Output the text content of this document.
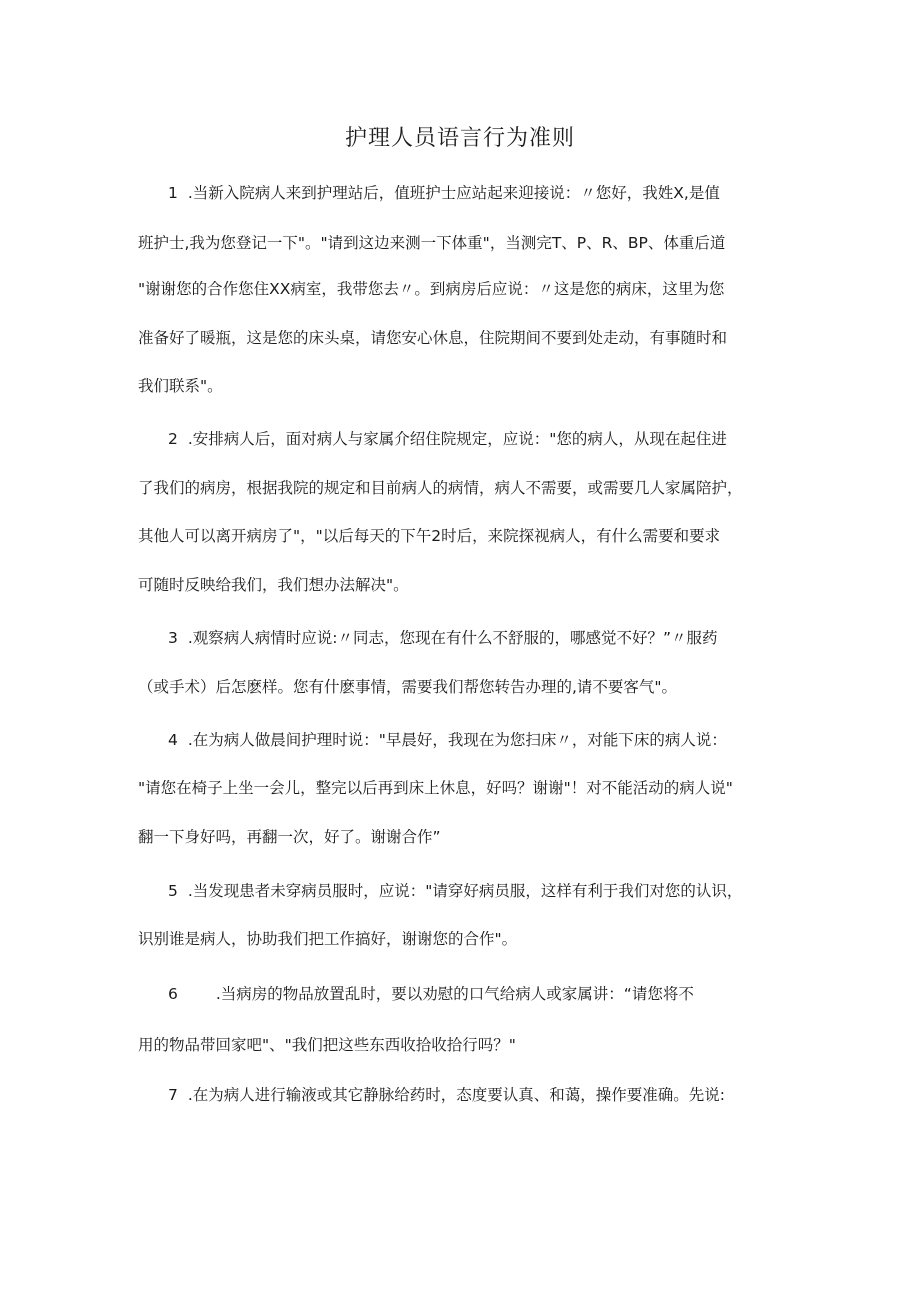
护理人员语言行为准则

1 .当新入院病人来到护理站后，值班护士应站起来迎接说：〃您好，我姓X,是值

班护士,我为您登记一下"。"请到这边来测一下体重"，当测完T、P、R、BP、体重后道

"谢谢您的合作您住XX病室，我带您去〃。到病房后应说：〃这是您的病床，这里为您

准备好了暖瓶，这是您的床头桌，请您安心休息，住院期间不要到处走动，有事随时和

我们联系"。

2 .安排病人后，面对病人与家属介绍住院规定，应说："您的病人，从现在起住进

了我们的病房，根据我院的规定和目前病人的病情，病人不需要，或需要几人家属陪护，

其他人可以离开病房了"，"以后每天的下午2时后，来院探视病人，有什么需要和要求

可随时反映给我们，我们想办法解决"。

3 .观察病人病情时应说:〃同志，您现在有什么不舒服的，哪感觉不好？”〃服药

（或手术）后怎麽样。您有什麽事情，需要我们帮您转告办理的,请不要客气"。

4 .在为病人做晨间护理时说："早晨好，我现在为您扫床〃，对能下床的病人说：

"请您在椅子上坐一会儿，整完以后再到床上休息，好吗？谢谢"！对不能活动的病人说"

翻一下身好吗，再翻一次，好了。谢谢合作”

5 .当发现患者未穿病员服时，应说："请穿好病员服，这样有利于我们对您的认识，

识别谁是病人，协助我们把工作搞好，谢谢您的合作"。

6 .当病房的物品放置乱时，要以劝慰的口气给病人或家属讲：“请您将不

用的物品带回家吧"、"我们把这些东西收拾收拾行吗？"

7 .在为病人进行输液或其它静脉给药时，态度要认真、和蔼，操作要准确。先说:
